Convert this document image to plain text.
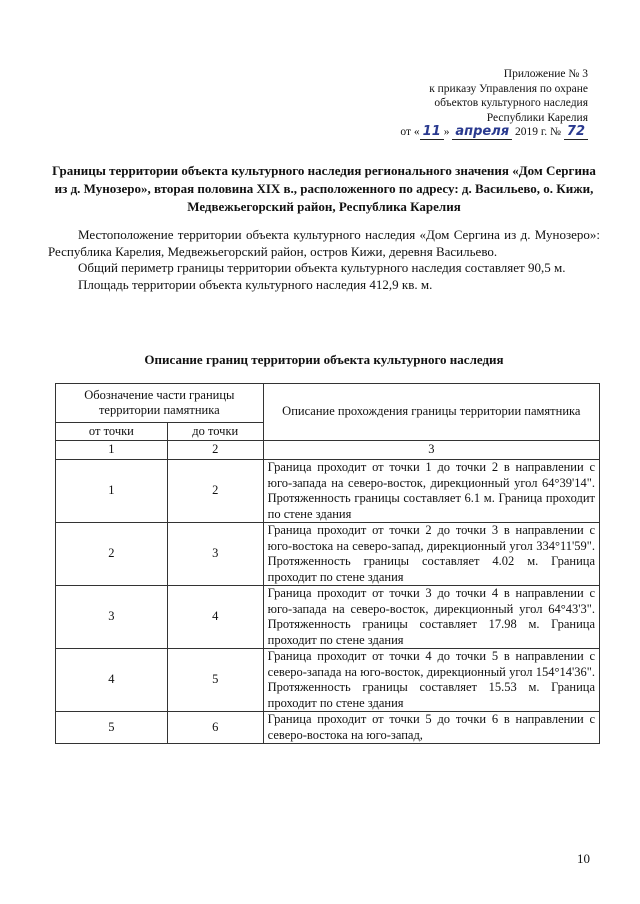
Приложение № 3
к приказу Управления по охране
объектов культурного наследия
Республики Карелия
от « 11 » апреля 2019 г. № 72
Границы территории объекта культурного наследия регионального значения «Дом Сергина из д. Мунозеро», вторая половина XIX в., расположенного по адресу: д. Васильево, о. Кижи, Медвежьегорский район, Республика Карелия

Местоположение территории объекта культурного наследия «Дом Сергина из д. Мунозеро»: Республика Карелия, Медвежьегорский район, остров Кижи, деревня Васильево.

Общий периметр границы территории объекта культурного наследия составляет 90,5 м.

Площадь территории объекта культурного наследия 412,9 кв. м.

Описание границ территории объекта культурного наследия
Обозначение части границы территории памятника		Описание прохождения границы территории памятника
от точки	до точки	
1	2	3
1	2	Граница проходит от точки 1 до точки 2 в направлении с юго-запада на северо-восток, дирекционный угол 64°39'14". Протяженность границы составляет 6.1 м. Граница проходит по стене здания
2	3	Граница проходит от точки 2 до точки 3 в направлении с юго-востока на северо-запад, дирекционный угол 334°11'59". Протяженность границы составляет 4.02 м. Граница проходит по стене здания
3	4	Граница проходит от точки 3 до точки 4 в направлении с юго-запада на северо-восток, дирекционный угол 64°43'3". Протяженность границы составляет 17.98 м. Граница проходит по стене здания
4	5	Граница проходит от точки 4 до точки 5 в направлении с северо-запада на юго-восток, дирекционный угол 154°14'36". Протяженность границы составляет 15.53 м. Граница проходит по стене здания
5	6	Граница проходит от точки 5 до точки 6 в направлении с северо-востока на юго-запад,
10
